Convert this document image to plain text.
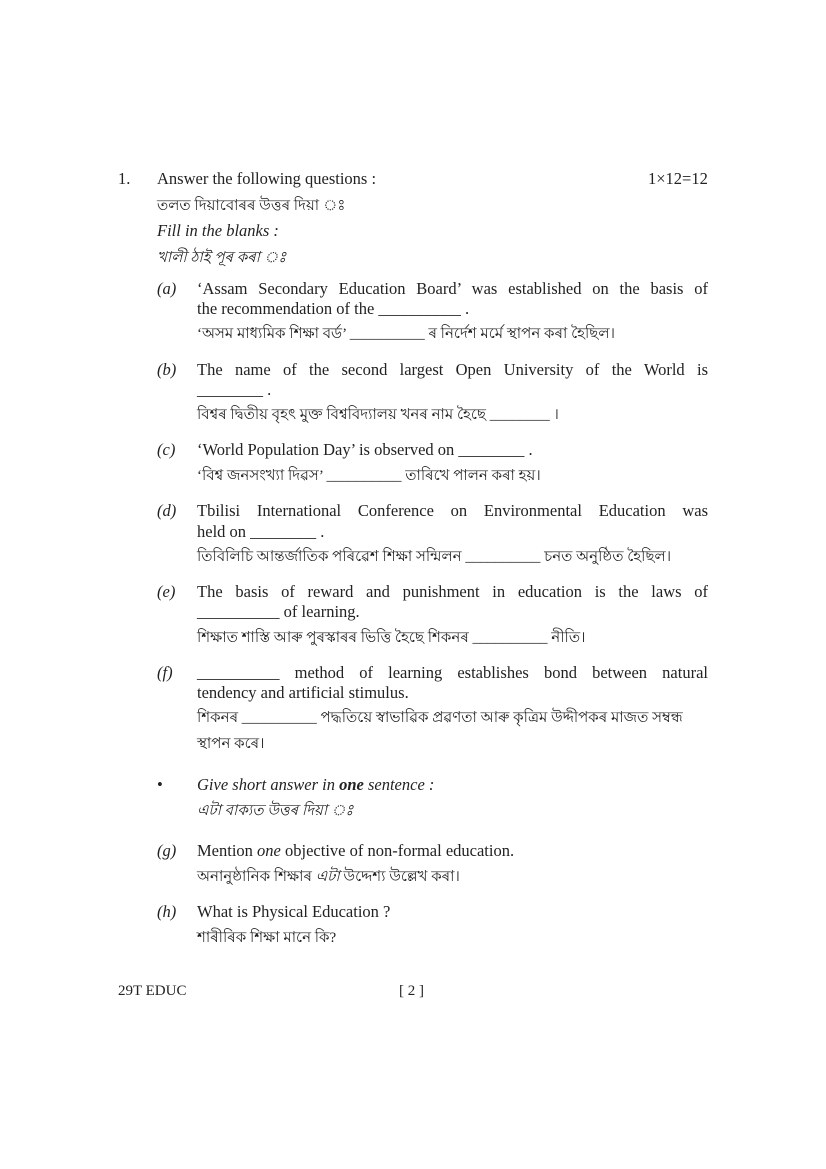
1. Answer the following questions :	1×12=12
তলত দিয়াবোৰৰ উত্তৰ দিয়া ঃ
Fill in the blanks :
খালী ঠাই পূৰ কৰা ঃ
(a) ‘Assam Secondary Education Board’ was established on the basis of
the recommendation of the __________ .
‘অসম মাধ্যমিক শিক্ষা বৰ্ড’ __________ ৰ নিৰ্দেশ মৰ্মে স্থাপন কৰা হৈছিল।
(b) The name of the second largest Open University of the World is
________ .
বিশ্বৰ দ্বিতীয় বৃহৎ মুক্ত বিশ্ববিদ্যালয় খনৰ নাম হৈছে ________ ।
(c) ‘World Population Day’ is observed on ________ .
‘বিশ্ব জনসংখ্যা দিৱস’ __________ তাৰিখে পালন কৰা হয়।
(d) Tbilisi International Conference on Environmental Education was
held on ________ .
তিবিলিচি আন্তৰ্জাতিক পৰিৱেশ শিক্ষা সন্মিলন __________ চনত অনুষ্ঠিত হৈছিল।
(e) The basis of reward and punishment in education is the laws of
__________ of learning.
শিক্ষাত শাস্তি আৰু পুৰস্কাৰৰ ভিত্তি হৈছে শিকনৰ __________ নীতি।
(f) __________ method of learning establishes bond between natural
tendency and artificial stimulus.
শিকনৰ __________ পদ্ধতিয়ে স্বাভাৱিক প্ৰৱণতা আৰু কৃত্ৰিম উদ্দীপকৰ মাজত সম্বন্ধ
স্থাপন কৰে।
• Give short answer in one sentence :
এটা বাক্যত উত্তৰ দিয়া ঃ
(g) Mention one objective of non-formal education.
অনানুষ্ঠানিক শিক্ষাৰ এটা উদ্দেশ্য উল্লেখ কৰা।
(h) What is Physical Education ?
শাৰীৰিক শিক্ষা মানে কি?
29T EDUC	[ 2 ]
